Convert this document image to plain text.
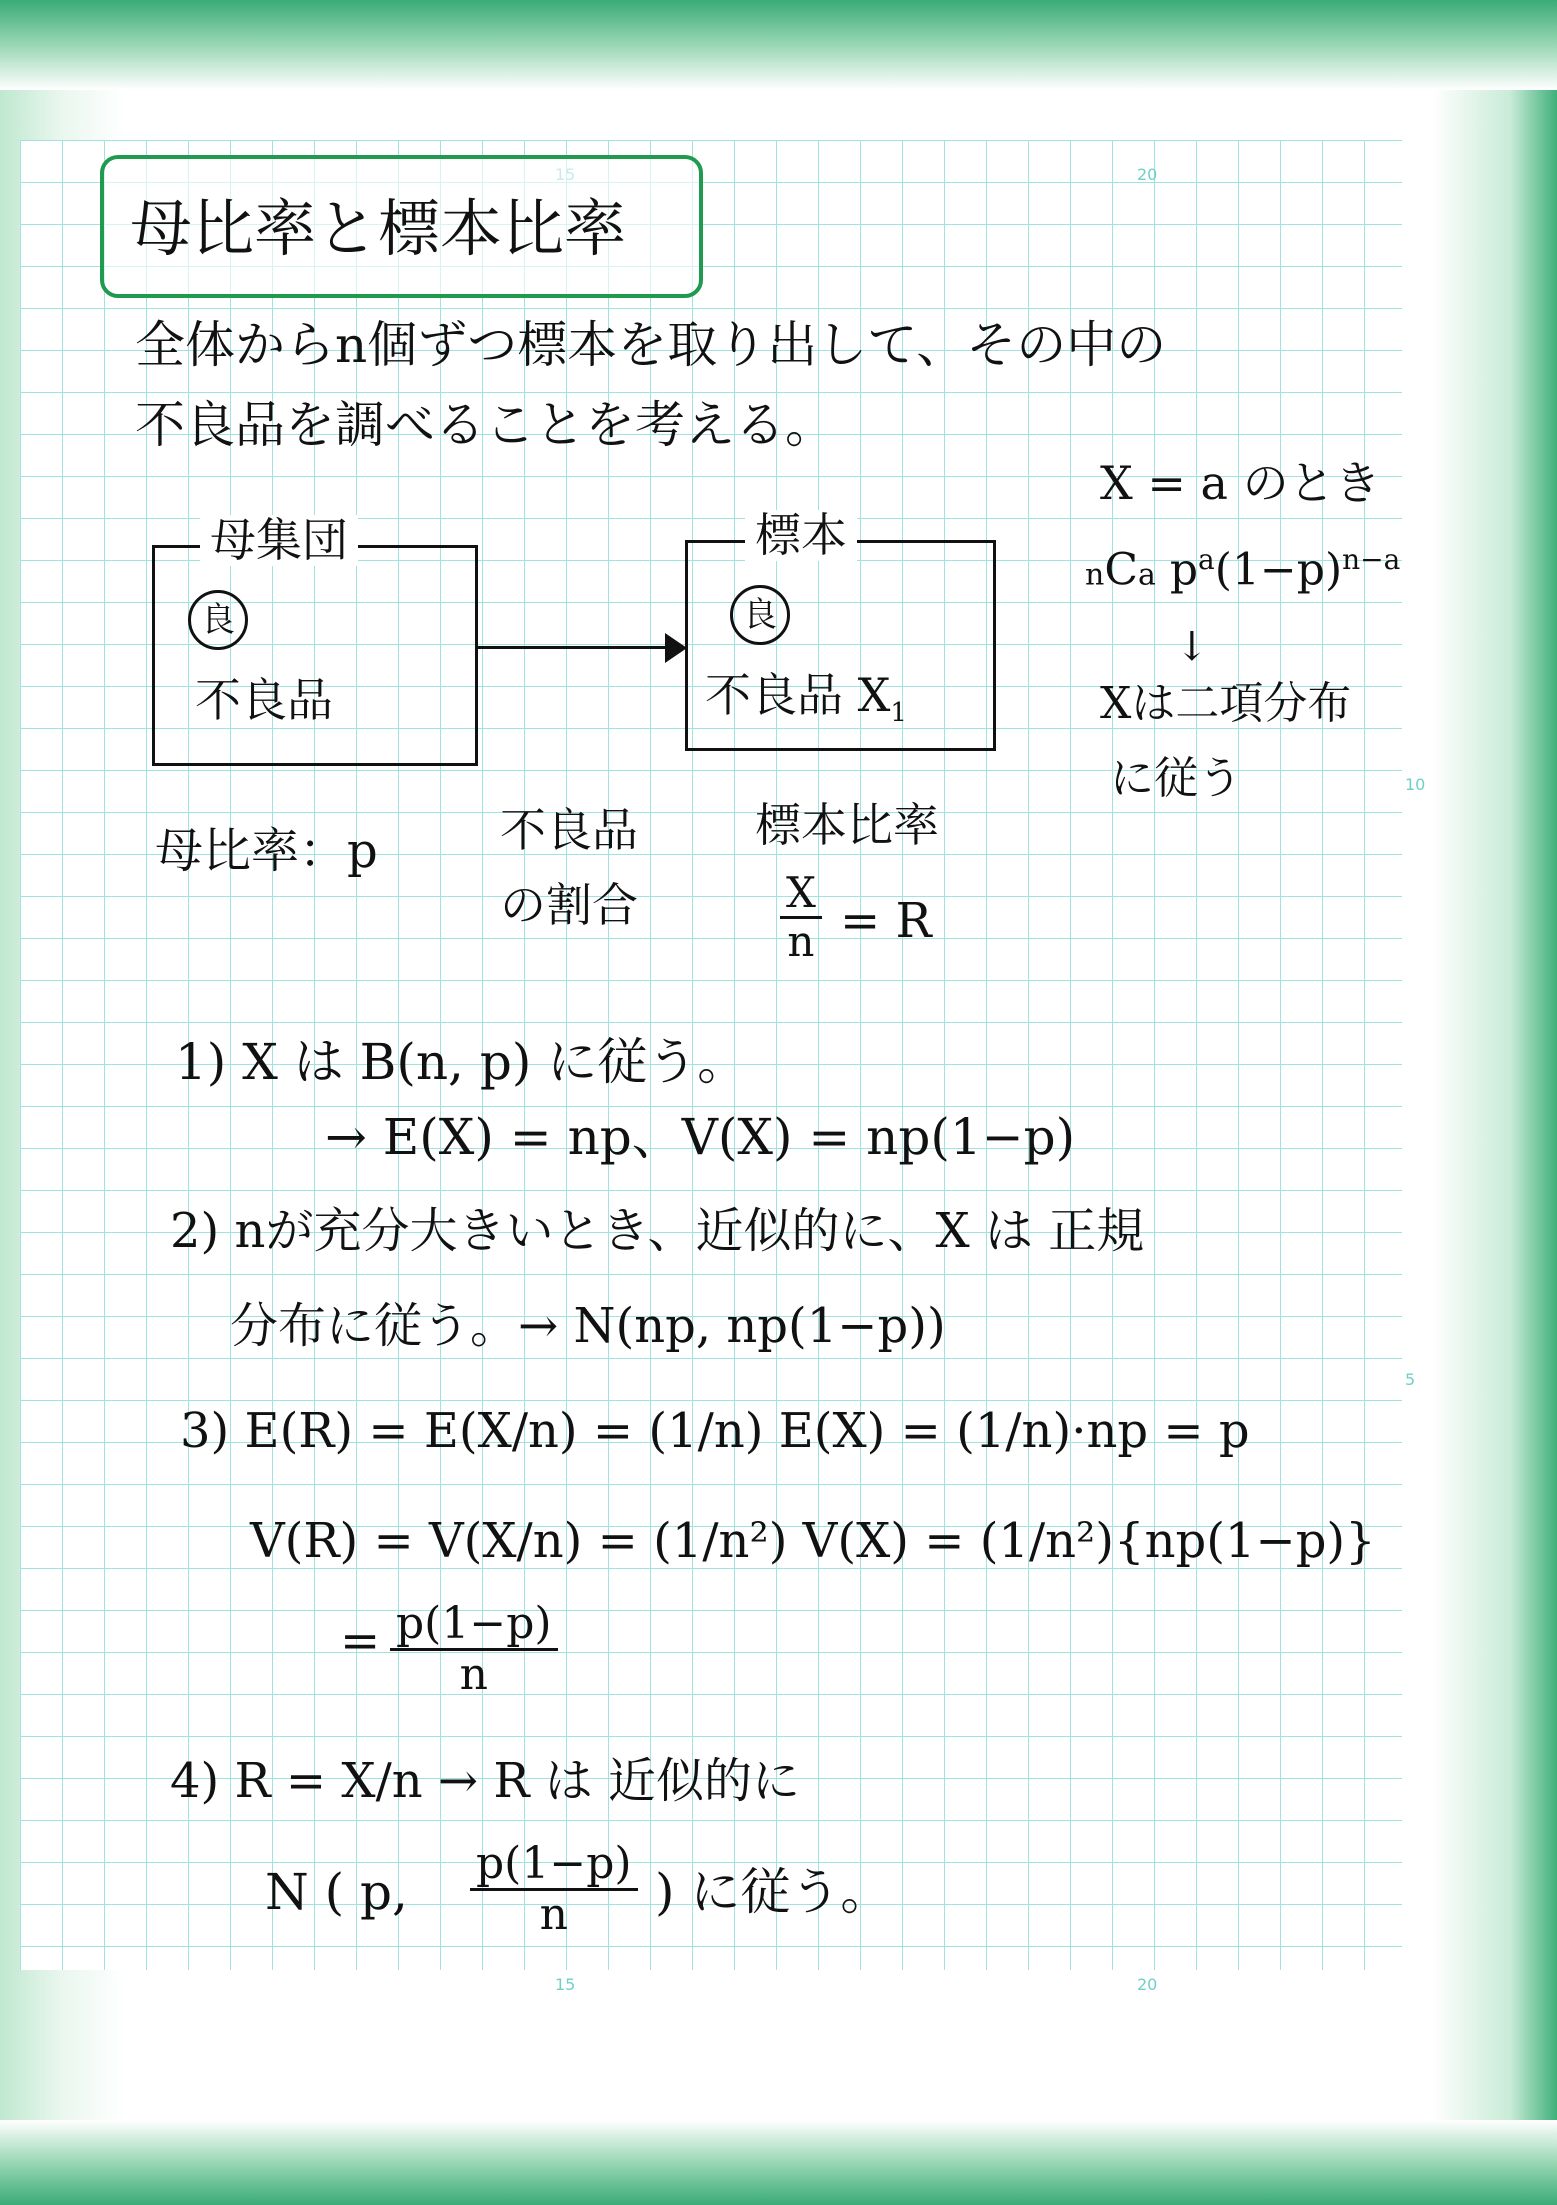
20
10
5
15	20
母比率と標本比率
全体からn個ずつ標本を取り出して、その中の
不良品を調べることを考える。
母集団
良
不良品
標本
良
不良品 $X_1$
X = a のとき
nCa $p^a(1-p)^{n-a}$
↓
Xは二項分布
に従う
母比率：p	不良品
の割合
標本比率
$\frac{X}{n} = R$
1) X は B(n, p) に従う。
→ E(X) = np、V(X) = np(1−p)
2) nが充分大きいとき、近似的に、X は 正規
分布に従う。→ N(np, np(1−p))
3) E(R) = E(X/n) = (1/n) E(X) = (1/n)·np = p
V(R) = V(X/n) = (1/n²) V(X) = (1/n²){np(1−p)}
= $\frac{p(1-p)}{n}$
4) R = X/n → R は 近似的に
N ( p, $\frac{p(1-p)}{n}$ ) に従う。
